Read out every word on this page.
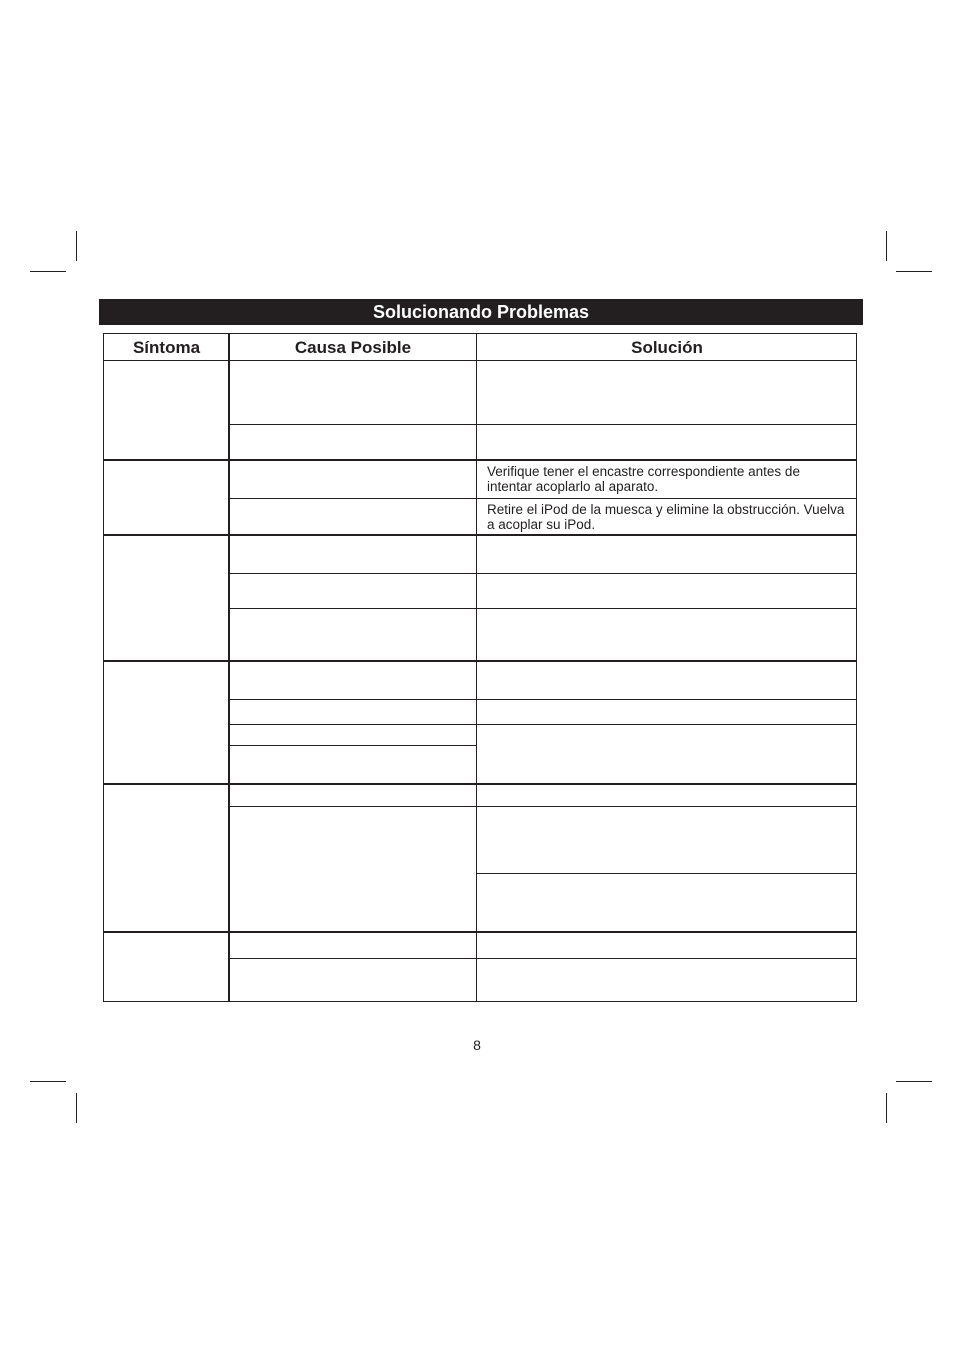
Solucionando Problemas
Síntoma	Causa Posible	Solución
Verifique tener el encastre correspondiente antes de intentar acoplarlo al aparato.
Retire el iPod de la muesca y elimine la obstrucción. Vuelva a acoplar su iPod.
8
